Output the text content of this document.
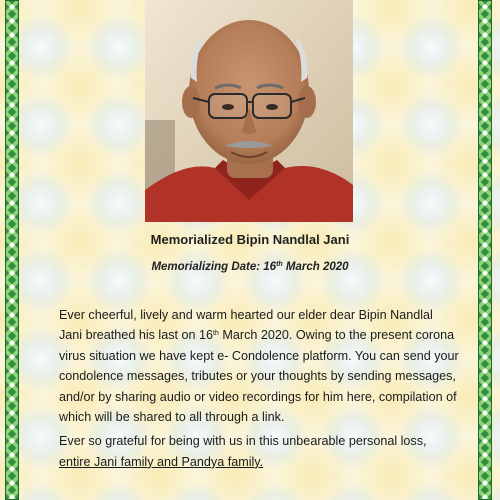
Memorialized Bipin Nandlal Jani
Memorializing Date: 16th March 2020

Ever cheerful, lively and warm hearted our elder dear Bipin Nandlal Jani breathed his last on 16th March 2020. Owing to the present corona virus situation we have kept e- Condolence platform. You can send your condolence messages, tributes or your thoughts by sending messages, and/or by sharing audio or video recordings for him here, compilation of which will be shared to all through a link.

Ever so grateful for being with us in this unbearable personal loss, entire Jani family and Pandya family.
